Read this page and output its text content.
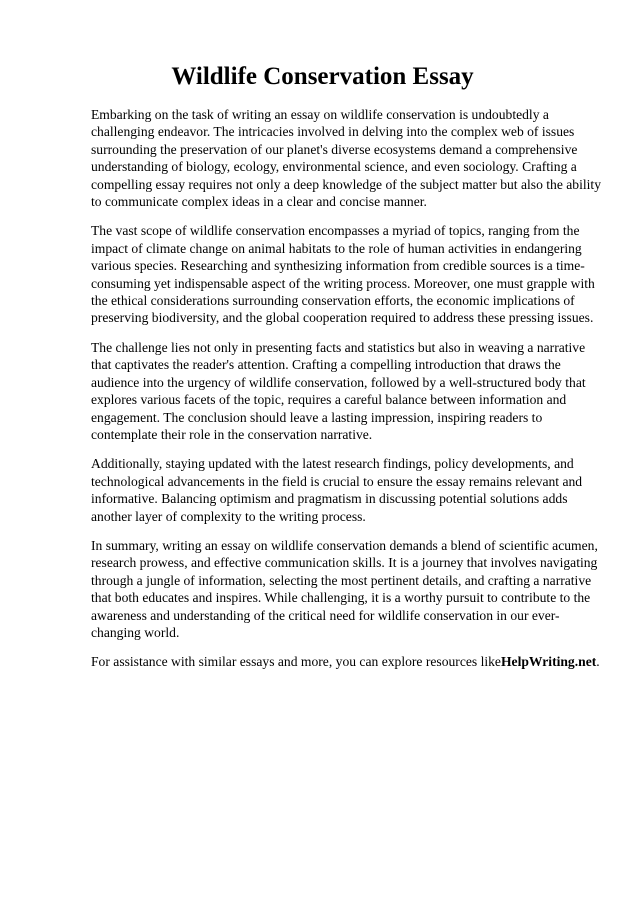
Wildlife Conservation Essay

Embarking on the task of writing an essay on wildlife conservation is undoubtedly a challenging endeavor. The intricacies involved in delving into the complex web of issues surrounding the preservation of our planet's diverse ecosystems demand a comprehensive understanding of biology, ecology, environmental science, and even sociology. Crafting a compelling essay requires not only a deep knowledge of the subject matter but also the ability to communicate complex ideas in a clear and concise manner.

The vast scope of wildlife conservation encompasses a myriad of topics, ranging from the impact of climate change on animal habitats to the role of human activities in endangering various species. Researching and synthesizing information from credible sources is a time-consuming yet indispensable aspect of the writing process. Moreover, one must grapple with the ethical considerations surrounding conservation efforts, the economic implications of preserving biodiversity, and the global cooperation required to address these pressing issues.

The challenge lies not only in presenting facts and statistics but also in weaving a narrative that captivates the reader's attention. Crafting a compelling introduction that draws the audience into the urgency of wildlife conservation, followed by a well-structured body that explores various facets of the topic, requires a careful balance between information and engagement. The conclusion should leave a lasting impression, inspiring readers to contemplate their role in the conservation narrative.

Additionally, staying updated with the latest research findings, policy developments, and technological advancements in the field is crucial to ensure the essay remains relevant and informative. Balancing optimism and pragmatism in discussing potential solutions adds another layer of complexity to the writing process.

In summary, writing an essay on wildlife conservation demands a blend of scientific acumen, research prowess, and effective communication skills. It is a journey that involves navigating through a jungle of information, selecting the most pertinent details, and crafting a narrative that both educates and inspires. While challenging, it is a worthy pursuit to contribute to the awareness and understanding of the critical need for wildlife conservation in our ever-changing world.

For assistance with similar essays and more, you can explore resources likeHelpWriting.net.
